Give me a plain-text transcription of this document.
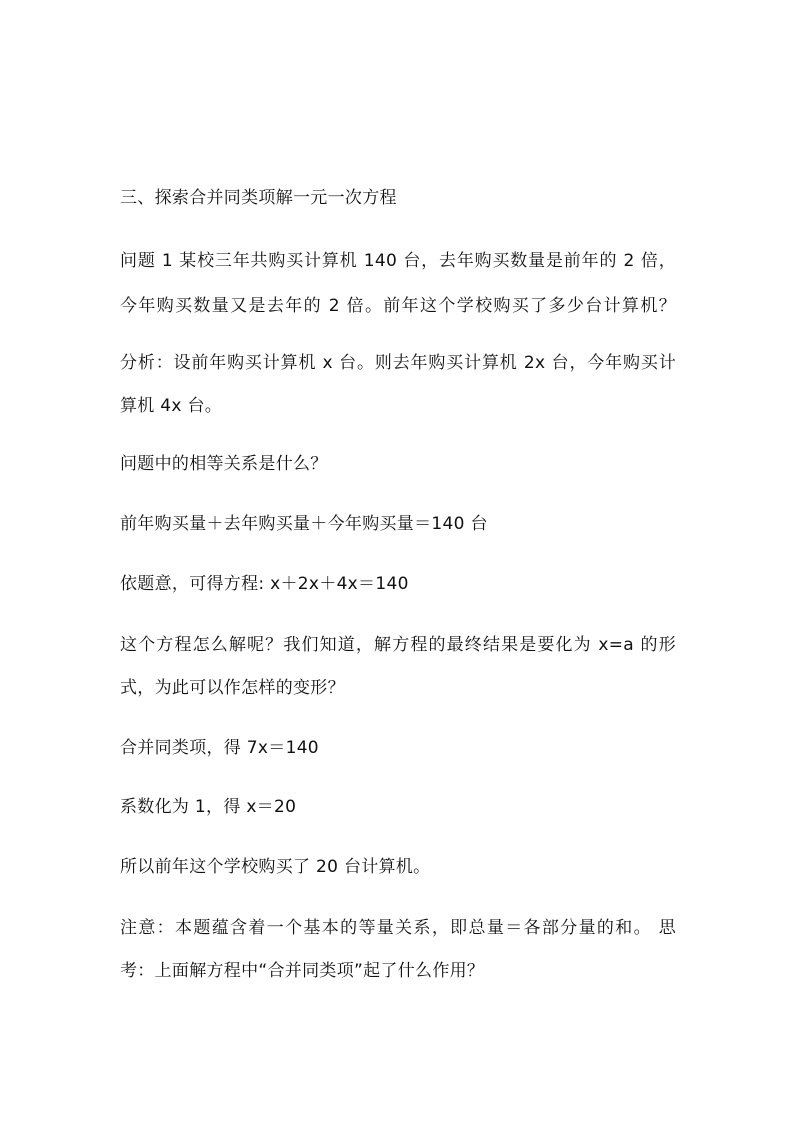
三、探索合并同类项解一元一次方程
问题 1 某校三年共购买计算机 140 台，去年购买数量是前年的 2 倍，
今年购买数量又是去年的 2 倍。前年这个学校购买了多少台计算机？
分析：设前年购买计算机 x 台。则去年购买计算机 2x 台，今年购买计
算机 4x 台。
问题中的相等关系是什么？
前年购买量＋去年购买量＋今年购买量＝140 台
依题意，可得方程: x＋2x＋4x＝140
这个方程怎么解呢？我们知道，解方程的最终结果是要化为 x=a 的形
式，为此可以作怎样的变形？
合并同类项，得 7x＝140
系数化为 1，得 x＝20
所以前年这个学校购买了 20 台计算机。
注意：本题蕴含着一个基本的等量关系，即总量＝各部分量的和。 思
考：上面解方程中“合并同类项”起了什么作用？
